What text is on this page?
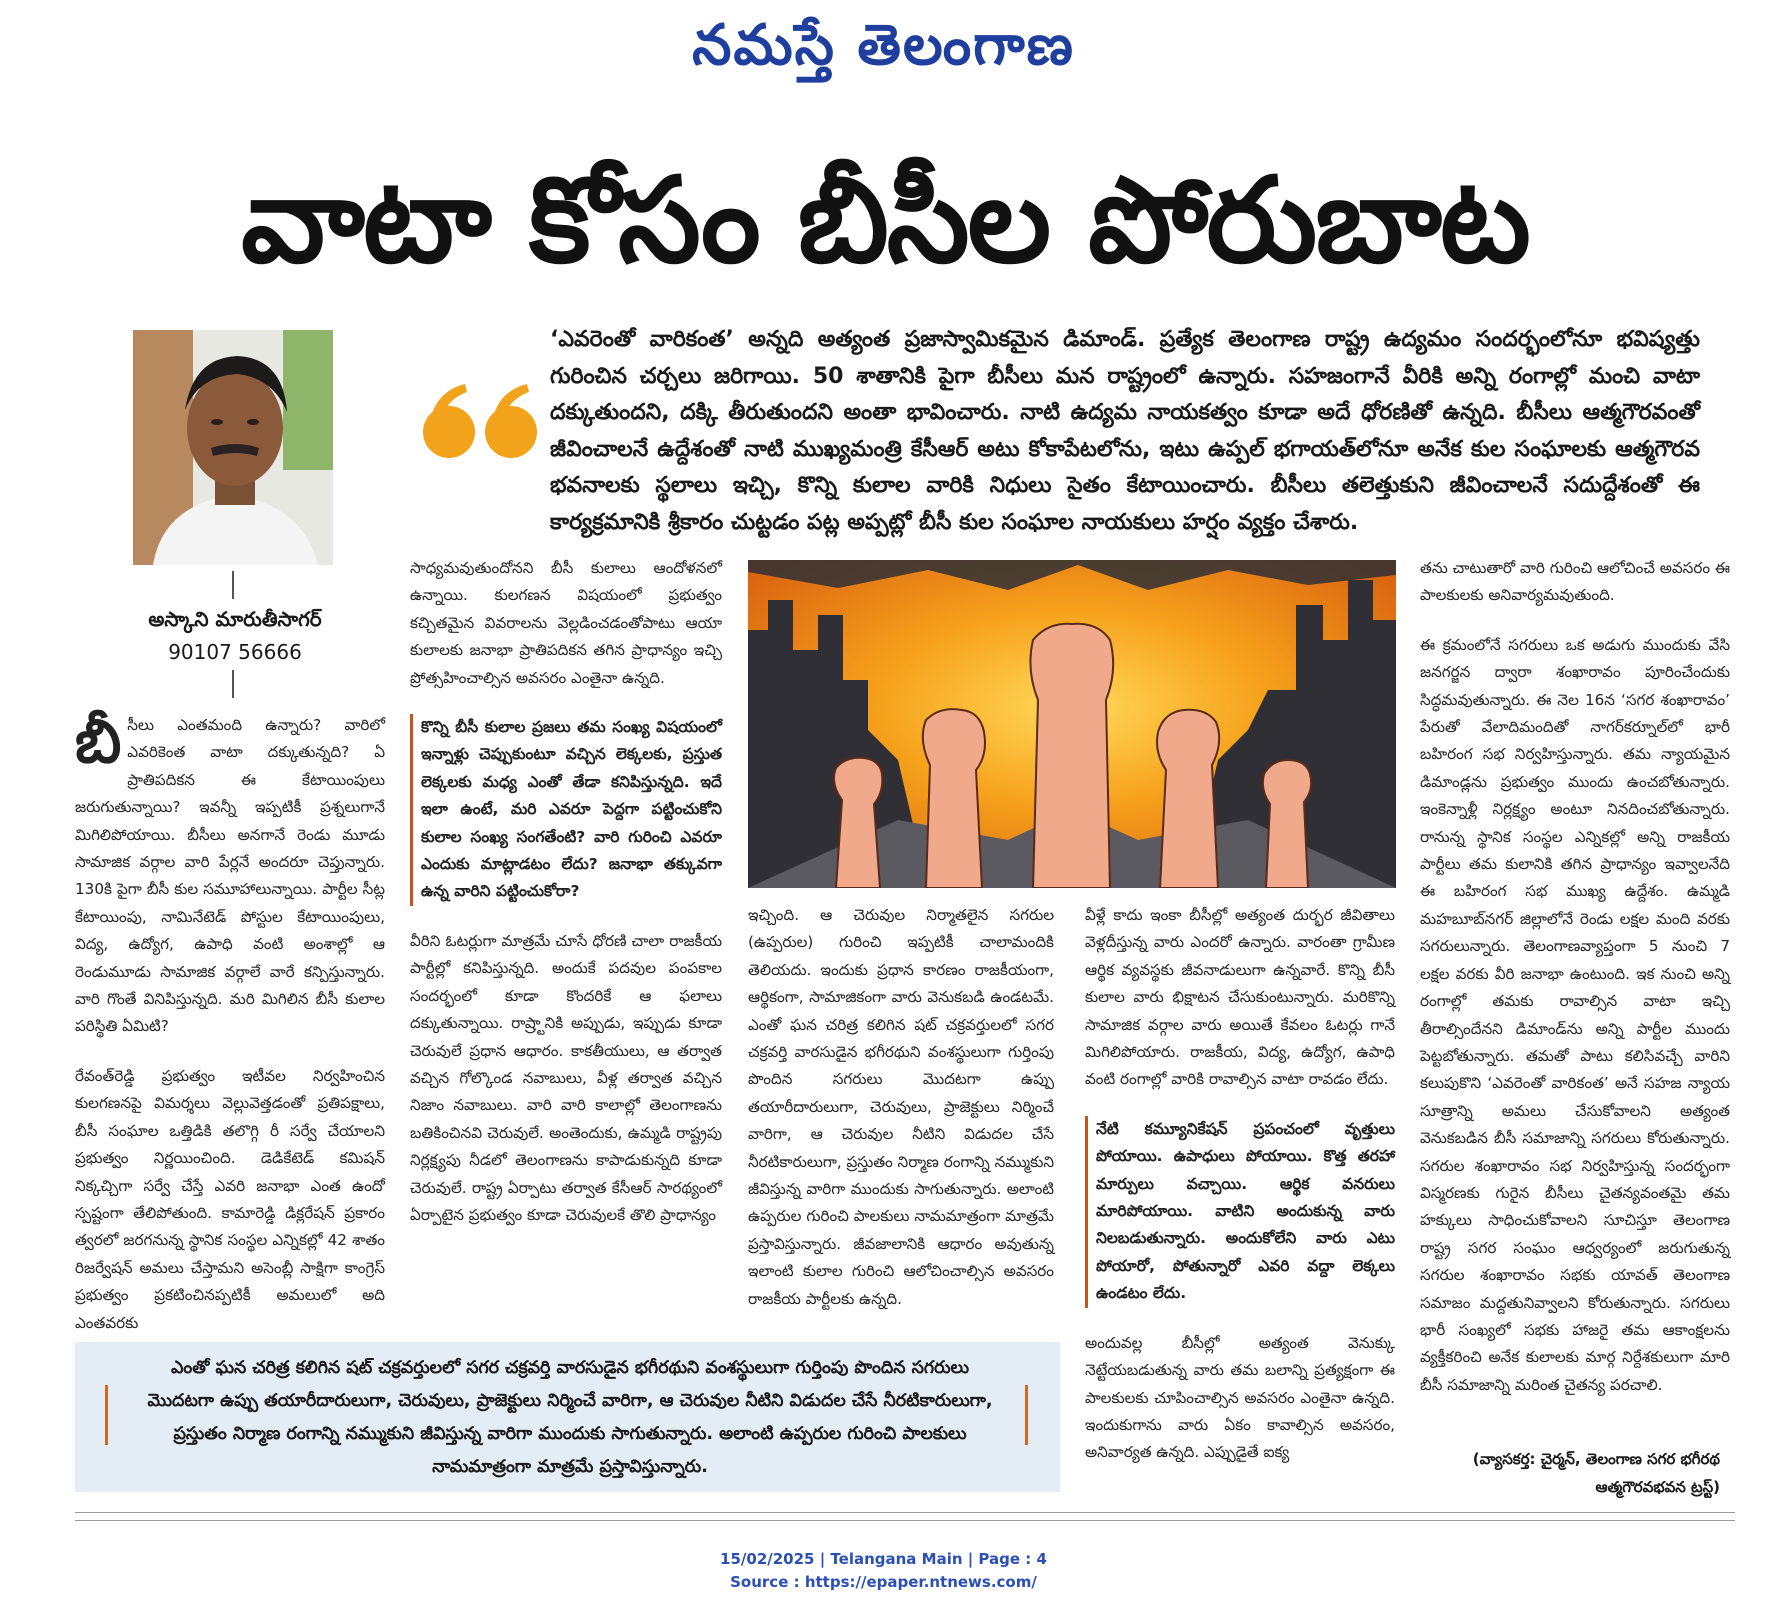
నమస్తే తెలంగాణ
వాటా కోసం బీసీల పోరుబాట
అస్కాని మారుతీసాగర్
90107 56666
‘ఎవరెంతో వారికంత’ అన్నది అత్యంత ప్రజాస్వామికమైన డిమాండ్. ప్రత్యేక తెలంగాణ రాష్ట్ర ఉద్యమం సందర్భంలోనూ భవిష్యత్తు గురించిన చర్చలు జరిగాయి. 50 శాతానికి పైగా బీసీలు మన రాష్ట్రంలో ఉన్నారు. సహజంగానే వీరికి అన్ని రంగాల్లో మంచి వాటా దక్కుతుందని, దక్కి తీరుతుందని అంతా భావించారు. నాటి ఉద్యమ నాయకత్వం కూడా అదే ధోరణితో ఉన్నది. బీసీలు ఆత్మగౌరవంతో జీవించాలనే ఉద్దేశంతో నాటి ముఖ్యమంత్రి కేసీఆర్ అటు కోకాపేటలోను, ఇటు ఉప్పల్ భగాయత్‌లోనూ అనేక కుల సంఘాలకు ఆత్మగౌరవ భవనాలకు స్థలాలు ఇచ్చి, కొన్ని కులాల వారికి నిధులు సైతం కేటాయించారు. బీసీలు తలెత్తుకుని జీవించాలనే సదుద్దేశంతో ఈ కార్యక్రమానికి శ్రీకారం చుట్టడం పట్ల అప్పట్లో బీసీ కుల సంఘాల నాయకులు హర్షం వ్యక్తం చేశారు.

బీసీలు ఎంతమంది ఉన్నారు? వారిలో ఎవరికెంత వాటా దక్కుతున్నది? ఏ ప్రాతిపదికన ఈ కేటాయింపులు జరుగుతున్నాయి? ఇవన్నీ ఇప్పటికీ ప్రశ్నలుగానే మిగిలిపోయాయి. బీసీలు అనగానే రెండు మూడు సామాజిక వర్గాల వారి పేర్లనే అందరూ చెప్తున్నారు. 130కి పైగా బీసీ కుల సమూహాలున్నాయి. పార్టీల సీట్ల కేటాయింపు, నామినేటెడ్ పోస్టుల కేటాయింపులు, విద్య, ఉద్యోగ, ఉపాధి వంటి అంశాల్లో ఆ రెండుమూడు సామాజిక వర్గాలే వారే కన్పిస్తున్నారు. వారి గొంతే వినిపిస్తున్నది. మరి మిగిలిన బీసీ కులాల పరిస్థితి ఏమిటి?

రేవంత్‌రెడ్డి ప్రభుత్వం ఇటీవల నిర్వహించిన కులగణనపై విమర్శలు వెల్లువెత్తడంతో ప్రతిపక్షాలు, బీసీ సంఘాల ఒత్తిడికి తలొగ్గి రీ సర్వే చేయాలని ప్రభుత్వం నిర్ణయించింది. డెడికేటెడ్ కమిషన్ నిక్కచ్చిగా సర్వే చేస్తే ఎవరి జనాభా ఎంత ఉందో స్పష్టంగా తేలిపోతుంది. కామారెడ్డి డిక్లరేషన్ ప్రకారం త్వరలో జరగనున్న స్థానిక సంస్థల ఎన్నికల్లో 42 శాతం రిజర్వేషన్ అమలు చేస్తామని అసెంబ్లీ సాక్షిగా కాంగ్రెస్ ప్రభుత్వం ప్రకటించినప్పటికీ అమలులో అది ఎంతవరకు

సాధ్యమవుతుందోనని బీసీ కులాలు ఆందోళనలో ఉన్నాయి. కులగణన విషయంలో ప్రభుత్వం కచ్చితమైన వివరాలను వెల్లడించడంతోపాటు ఆయా కులాలకు జనాభా ప్రాతిపదికన తగిన ప్రాధాన్యం ఇచ్చి ప్రోత్సహించాల్సిన అవసరం ఎంతైనా ఉన్నది.

కొన్ని బీసీ కులాల ప్రజలు తమ సంఖ్య విషయంలో ఇన్నాళ్లు చెప్పుకుంటూ వచ్చిన లెక్కలకు, ప్రస్తుత లెక్కలకు మధ్య ఎంతో తేడా కనిపిస్తున్నది. ఇదే ఇలా ఉంటే, మరి ఎవరూ పెద్దగా పట్టించుకోని కులాల సంఖ్య సంగతేంటి? వారి గురించి ఎవరూ ఎందుకు మాట్లాడటం లేదు? జనాభా తక్కువగా ఉన్న వారిని పట్టించుకోరా?

వీరిని ఓటర్లుగా మాత్రమే చూసే ధోరణి చాలా రాజకీయ పార్టీల్లో కనిపిస్తున్నది. అందుకే పదవుల పంపకాల సందర్భంలో కూడా కొందరికే ఆ ఫలాలు దక్కుతున్నాయి. రాష్ర్టానికి అప్పుడు, ఇప్పుడు కూడా చెరువులే ప్రధాన ఆధారం. కాకతీయులు, ఆ తర్వాత వచ్చిన గోల్కొండ నవాబులు, వీళ్ల తర్వాత వచ్చిన నిజాం నవాబులు. వారి వారి కాలాల్లో తెలంగాణను బతికించినవి చెరువులే. అంతెందుకు, ఉమ్మడి రాష్ట్రపు నిర్లక్ష్యపు నీడలో తెలంగాణను కాపాడుకున్నది కూడా చెరువులే. రాష్ట్ర ఏర్పాటు తర్వాత కేసీఆర్ సారథ్యంలో ఏర్పాటైన ప్రభుత్వం కూడా చెరువులకే తొలి ప్రాధాన్యం

ఇచ్చింది. ఆ చెరువుల నిర్మాతలైన సగరుల (ఉప్పరుల) గురించి ఇప్పటికీ చాలామందికి తెలియదు. ఇందుకు ప్రధాన కారణం రాజకీయంగా, ఆర్థికంగా, సామాజికంగా వారు వెనుకబడి ఉండటమే. ఎంతో ఘన చరిత్ర కలిగిన షట్ చక్రవర్తులలో సగర చక్రవర్తి వారసుడైన భగీరథుని వంశస్థులుగా గుర్తింపు పొందిన సగరులు మొదటగా ఉప్పు తయారీదారులుగా, చెరువులు, ప్రాజెక్టులు నిర్మించే వారిగా, ఆ చెరువుల నీటిని విడుదల చేసే నీరటికారులుగా, ప్రస్తుతం నిర్మాణ రంగాన్ని నమ్ముకుని జీవిస్తున్న వారిగా ముందుకు సాగుతున్నారు. అలాంటి ఉప్పరుల గురించి పాలకులు నామమాత్రంగా మాత్రమే ప్రస్తావిస్తున్నారు. జీవజాలానికి ఆధారం అవుతున్న ఇలాంటి కులాల గురించి ఆలోచించాల్సిన అవసరం రాజకీయ పార్టీలకు ఉన్నది.

వీళ్లే కాదు ఇంకా బీసీల్లో అత్యంత దుర్భర జీవితాలు వెళ్లదీస్తున్న వారు ఎందరో ఉన్నారు. వారంతా గ్రామీణ ఆర్థిక వ్యవస్థకు జీవనాడులుగా ఉన్నవారే. కొన్ని బీసీ కులాల వారు భిక్షాటన చేసుకుంటున్నారు. మరికొన్ని సామాజిక వర్గాల వారు అయితే కేవలం ఓటర్లు గానే మిగిలిపోయారు. రాజకీయ, విద్య, ఉద్యోగ, ఉపాధి వంటి రంగాల్లో వారికి రావాల్సిన వాటా రావడం లేదు.

నేటి కమ్యూనికేషన్ ప్రపంచంలో వృత్తులు పోయాయి. ఉపాధులు పోయాయి. కొత్త తరహా మార్పులు వచ్చాయి. ఆర్థిక వనరులు మారిపోయాయి. వాటిని అందుకున్న వారు నిలబడుతున్నారు. అందుకోలేని వారు ఎటు పోయారో, పోతున్నారో ఎవరి వద్దా లెక్కలు ఉండటం లేదు.

అందువల్ల బీసీల్లో అత్యంత వెనుక్కు నెట్టేయబడుతున్న వారు తమ బలాన్ని ప్రత్యక్షంగా ఈ పాలకులకు చూపించాల్సిన అవసరం ఎంతైనా ఉన్నది. ఇందుకుగాను వారు ఏకం కావాల్సిన అవసరం, అనివార్యత ఉన్నది. ఎప్పుడైతే ఐక్య

తను చాటుతారో వారి గురించి ఆలోచించే అవసరం ఈ పాలకులకు అనివార్యమవుతుంది.

ఈ క్రమంలోనే సగరులు ఒక అడుగు ముందుకు వేసి జనగర్జన ద్వారా శంఖారావం పూరించేందుకు సిద్ధమవుతున్నారు. ఈ నెల 16న ‘సగర శంఖారావం’ పేరుతో వేలాదిమందితో నాగర్‌కర్నూల్‌లో భారీ బహిరంగ సభ నిర్వహిస్తున్నారు. తమ న్యాయమైన డిమాండ్లను ప్రభుత్వం ముందు ఉంచబోతున్నారు. ఇంకెన్నాళ్లీ నిర్లక్ష్యం అంటూ నినదించబోతున్నారు. రానున్న స్థానిక సంస్థల ఎన్నికల్లో అన్ని రాజకీయ పార్టీలు తమ కులానికి తగిన ప్రాధాన్యం ఇవ్వాలనేది ఈ బహిరంగ సభ ముఖ్య ఉద్దేశం. ఉమ్మడి మహబూబ్‌నగర్ జిల్లాలోనే రెండు లక్షల మంది వరకు సగరులున్నారు. తెలంగాణవ్యాప్తంగా 5 నుంచి 7 లక్షల వరకు వీరి జనాభా ఉంటుంది. ఇక నుంచి అన్ని రంగాల్లో తమకు రావాల్సిన వాటా ఇచ్చి తీరాల్సిందేనని డిమాండ్‌ను అన్ని పార్టీల ముందు పెట్టబోతున్నారు. తమతో పాటు కలిసివచ్చే వారిని కలుపుకొని ‘ఎవరెంతో వారికంత’ అనే సహజ న్యాయ సూత్రాన్ని అమలు చేసుకోవాలని అత్యంత వెనుకబడిన బీసీ సమాజాన్ని సగరులు కోరుతున్నారు. సగరుల శంఖారావం సభ నిర్వహిస్తున్న సందర్భంగా విస్మరణకు గురైన బీసీలు చైతన్యవంతమై తమ హక్కులు సాధించుకోవాలని సూచిస్తూ తెలంగాణ రాష్ట్ర సగర సంఘం ఆధ్వర్యంలో జరుగుతున్న సగరుల శంఖారావం సభకు యావత్ తెలంగాణ సమాజం మద్దతునివ్వాలని కోరుతున్నారు. సగరులు భారీ సంఖ్యలో సభకు హాజరై తమ ఆకాంక్షలను వ్యక్తీకరించి అనేక కులాలకు మార్గ నిర్దేశకులుగా మారి బీసీ సమాజాన్ని మరింత చైతన్య పరచాలి.

(వ్యాసకర్త: చైర్మన్, తెలంగాణ సగర భగీరథ ఆత్మగౌరవభవన ట్రస్ట్)
ఎంతో ఘన చరిత్ర కలిగిన షట్ చక్రవర్తులలో సగర చక్రవర్తి వారసుడైన భగీరథుని వంశస్థులుగా గుర్తింపు పొందిన సగరులు మొదటగా ఉప్పు తయారీదారులుగా, చెరువులు, ప్రాజెక్టులు నిర్మించే వారిగా, ఆ చెరువుల నీటిని విడుదల చేసే నీరటికారులుగా, ప్రస్తుతం నిర్మాణ రంగాన్ని నమ్ముకుని జీవిస్తున్న వారిగా ముందుకు సాగుతున్నారు. అలాంటి ఉప్పరుల గురించి పాలకులు నామమాత్రంగా మాత్రమే ప్రస్తావిస్తున్నారు.
15/02/2025 | Telangana Main | Page : 4
Source : https://epaper.ntnews.com/
